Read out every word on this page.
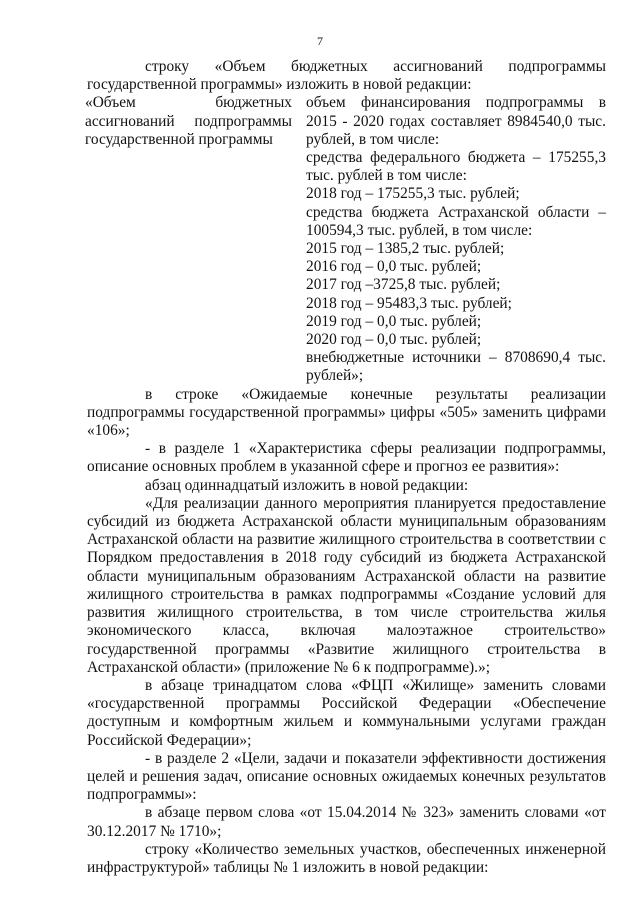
7

строку «Объем бюджетных ассигнований подпрограммы государственной программы» изложить в новой редакции:

«Объем бюджетных ассигнований подпрограммы государственной программы

объем финансирования подпрограммы в 2015 - 2020 годах составляет 8984540,0 тыс. рублей, в том числе:

средства федерального бюджета – 175255,3 тыс. рублей в том числе:

2018 год – 175255,3 тыс. рублей;

средства бюджета Астраханской области – 100594,3 тыс. рублей, в том числе:

2015 год – 1385,2 тыс. рублей;

2016 год – 0,0 тыс. рублей;

2017 год –3725,8 тыс. рублей;

2018 год – 95483,3 тыс. рублей;

2019 год – 0,0 тыс. рублей;

2020 год – 0,0 тыс. рублей;

внебюджетные источники – 8708690,4 тыс. рублей»;

в строке «Ожидаемые конечные результаты реализации подпрограммы государственной программы» цифры «505» заменить цифрами «106»;

- в разделе 1 «Характеристика сферы реализации подпрограммы, описание основных проблем в указанной сфере и прогноз ее развития»:

абзац одиннадцатый изложить в новой редакции:

«Для реализации данного мероприятия планируется предоставление субсидий из бюджета Астраханской области муниципальным образованиям Астраханской области на развитие жилищного строительства в соответствии с Порядком предоставления в 2018 году субсидий из бюджета Астраханской области муниципальным образованиям Астраханской области на развитие жилищного строительства в рамках подпрограммы «Создание условий для развития жилищного строительства, в том числе строительства жилья экономического класса, включая малоэтажное строительство» государственной программы «Развитие жилищного строительства в Астраханской области» (приложение № 6 к подпрограмме).»;

в абзаце тринадцатом слова «ФЦП «Жилище» заменить словами «государственной программы Российской Федерации «Обеспечение доступным и комфортным жильем и коммунальными услугами граждан Российской Федерации»;

- в разделе 2 «Цели, задачи и показатели эффективности достижения целей и решения задач, описание основных ожидаемых конечных результатов подпрограммы»:

в абзаце первом слова «от 15.04.2014 № 323» заменить словами «от 30.12.2017 № 1710»;

строку «Количество земельных участков, обеспеченных инженерной инфраструктурой» таблицы № 1 изложить в новой редакции:
